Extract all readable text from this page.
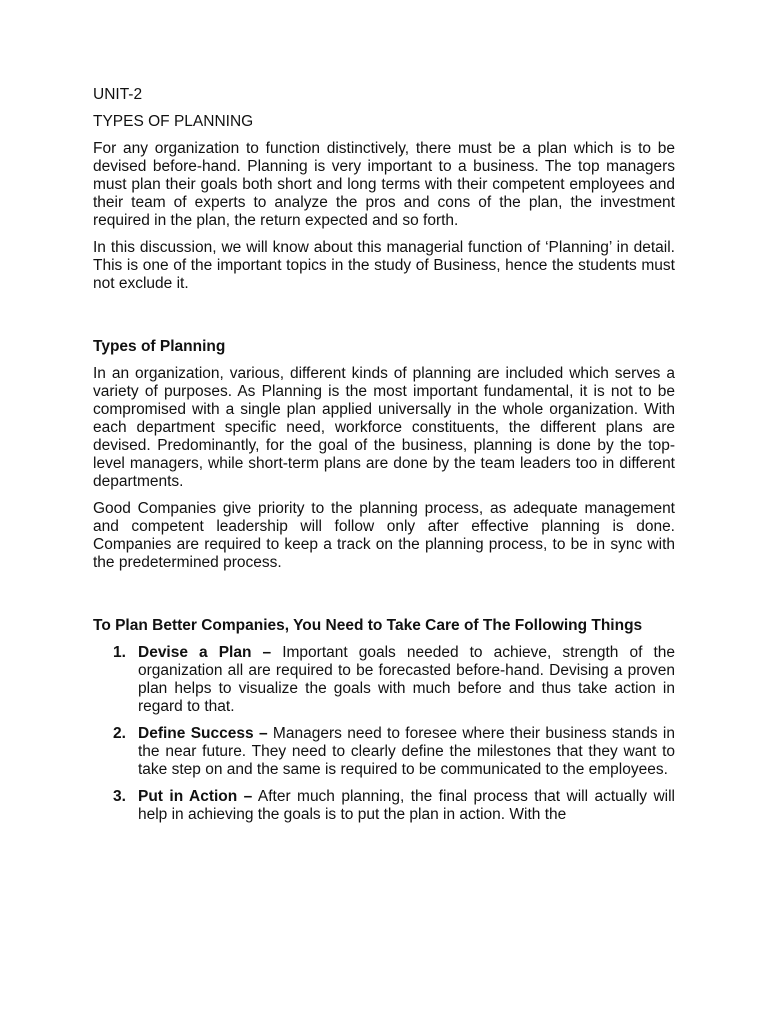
UNIT-2
TYPES OF PLANNING

For any organization to function distinctively, there must be a plan which is to be devised before-hand. Planning is very important to a business. The top managers must plan their goals both short and long terms with their competent employees and their team of experts to analyze the pros and cons of the plan, the investment required in the plan, the return expected and so forth.

In this discussion, we will know about this managerial function of ‘Planning’ in detail. This is one of the important topics in the study of Business, hence the students must not exclude it.

Types of Planning

In an organization, various, different kinds of planning are included which serves a variety of purposes. As Planning is the most important fundamental, it is not to be compromised with a single plan applied universally in the whole organization. With each department specific need, workforce constituents, the different plans are devised. Predominantly, for the goal of the business, planning is done by the top-level managers, while short-term plans are done by the team leaders too in different departments.

Good Companies give priority to the planning process, as adequate management and competent leadership will follow only after effective planning is done. Companies are required to keep a track on the planning process, to be in sync with the predetermined process.

To Plan Better Companies, You Need to Take Care of The Following Things
1. Devise a Plan – Important goals needed to achieve, strength of the organization all are required to be forecasted before-hand. Devising a proven plan helps to visualize the goals with much before and thus take action in regard to that.
2. Define Success – Managers need to foresee where their business stands in the near future. They need to clearly define the milestones that they want to take step on and the same is required to be communicated to the employees.
3. Put in Action – After much planning, the final process that will actually will help in achieving the goals is to put the plan in action. With the
